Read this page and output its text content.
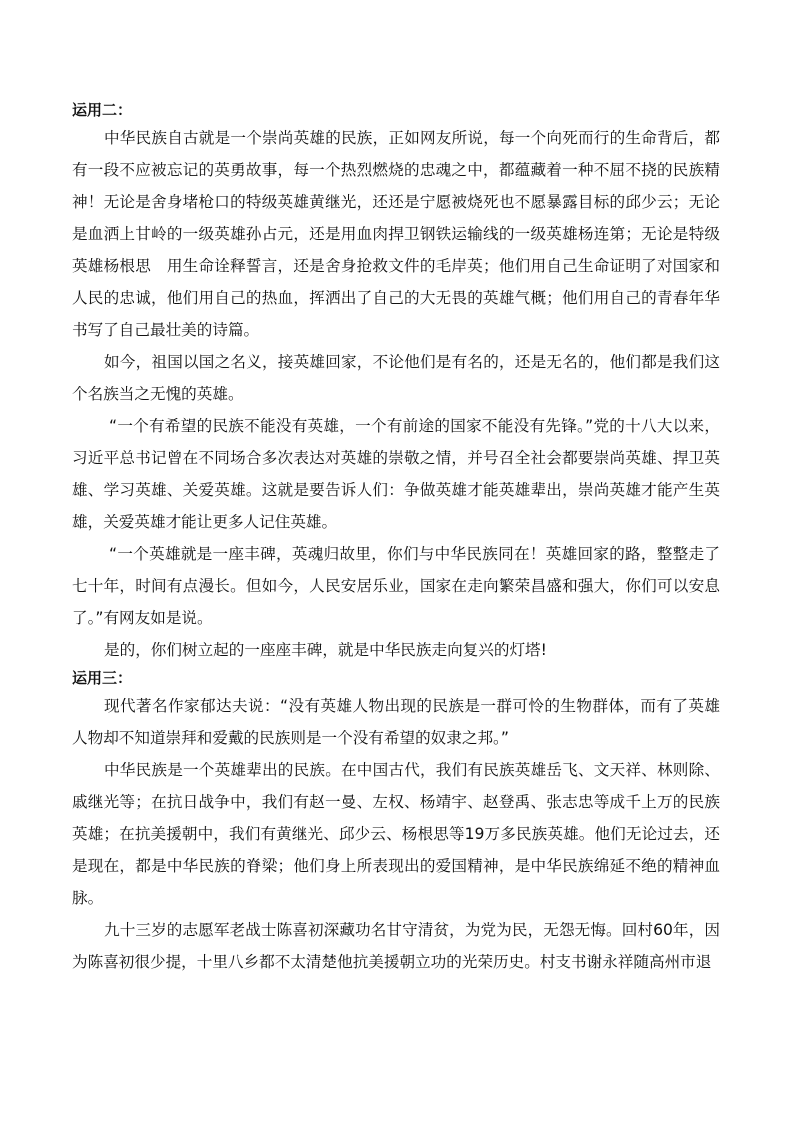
运用二：

中华民族自古就是一个崇尚英雄的民族，正如网友所说，每一个向死而行的生命背后，都有一段不应被忘记的英勇故事，每一个热烈燃烧的忠魂之中，都蕴藏着一种不屈不挠的民族精神！无论是舍身堵枪口的特级英雄黄继光，还还是宁愿被烧死也不愿暴露目标的邱少云；无论是血洒上甘岭的一级英雄孙占元，还是用血肉捍卫钢铁运输线的一级英雄杨连第；无论是特级英雄杨根思　用生命诠释誓言，还是舍身抢救文件的毛岸英；他们用自己生命证明了对国家和人民的忠诚，他们用自己的热血，挥洒出了自己的大无畏的英雄气概；他们用自己的青春年华书写了自己最壮美的诗篇。

如今，祖国以国之名义，接英雄回家，不论他们是有名的，还是无名的，他们都是我们这个名族当之无愧的英雄。

“一个有希望的民族不能没有英雄，一个有前途的国家不能没有先锋。”党的十八大以来，习近平总书记曾在不同场合多次表达对英雄的崇敬之情，并号召全社会都要崇尚英雄、捍卫英雄、学习英雄、关爱英雄。这就是要告诉人们：争做英雄才能英雄辈出，崇尚英雄才能产生英雄，关爱英雄才能让更多人记住英雄。

“一个英雄就是一座丰碑，英魂归故里，你们与中华民族同在！英雄回家的路，整整走了七十年，时间有点漫长。但如今，人民安居乐业，国家在走向繁荣昌盛和强大，你们可以安息了。”有网友如是说。

是的，你们树立起的一座座丰碑，就是中华民族走向复兴的灯塔!

运用三：

现代著名作家郁达夫说：“没有英雄人物出现的民族是一群可怜的生物群体，而有了英雄人物却不知道崇拜和爱戴的民族则是一个没有希望的奴隶之邦。”

中华民族是一个英雄辈出的民族。在中国古代，我们有民族英雄岳飞、文天祥、林则除、戚继光等；在抗日战争中，我们有赵一曼、左权、杨靖宇、赵登禹、张志忠等成千上万的民族英雄；在抗美援朝中，我们有黄继光、邱少云、杨根思等19万多民族英雄。他们无论过去，还是现在，都是中华民族的脊梁；他们身上所表现出的爱国精神，是中华民族绵延不绝的精神血脉。

九十三岁的志愿军老战士陈喜初深藏功名甘守清贫，为党为民，无怨无悔。回村60年，因为陈喜初很少提，十里八乡都不太清楚他抗美援朝立功的光荣历史。村支书谢永祥随高州市退
